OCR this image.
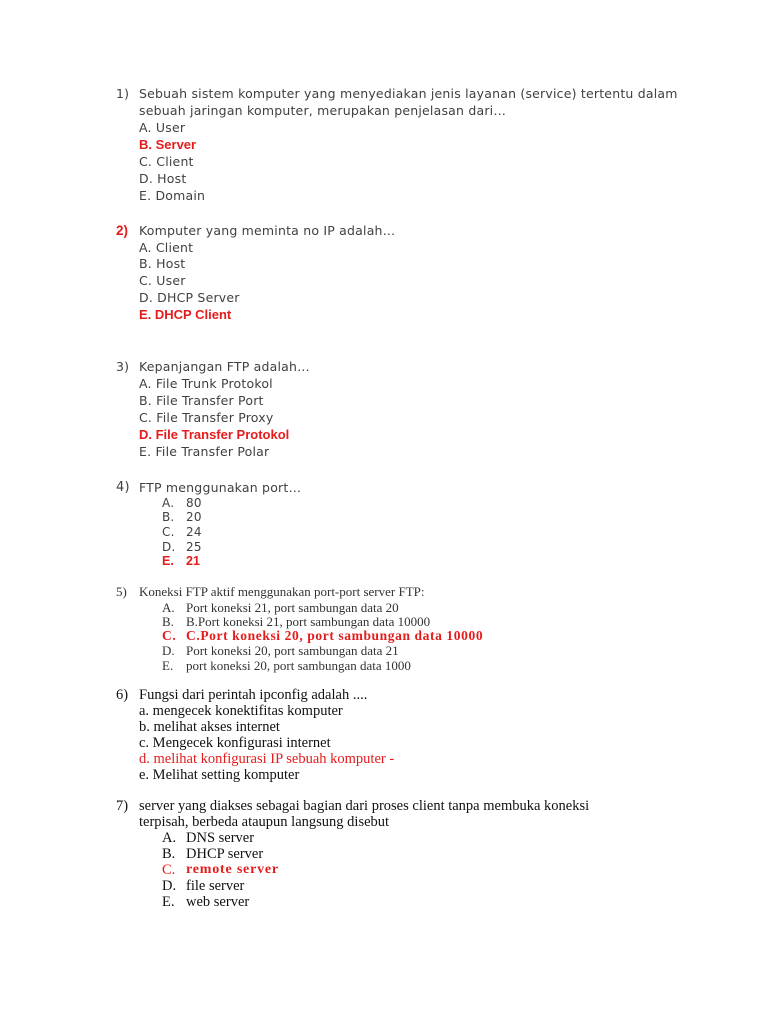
1) Sebuah sistem komputer yang menyediakan jenis layanan (service) tertentu dalam
sebuah jaringan komputer, merupakan penjelasan dari…
A. User
B. Server
C. Client
D. Host
E. Domain
2) Komputer yang meminta no IP adalah…
A. Client
B. Host
C. User
D. DHCP Server
E. DHCP Client
3) Kepanjangan FTP adalah…
A. File Trunk Protokol
B. File Transfer Port
C. File Transfer Proxy
D. File Transfer Protokol
E. File Transfer Polar
4) FTP menggunakan port…
A. 80
B. 20
C. 24
D. 25
E. 21
5) Koneksi FTP aktif menggunakan port-port server FTP:
A. Port koneksi 21, port sambungan data 20
B. B.Port koneksi 21, port sambungan data 10000
C. C.Port koneksi 20, port sambungan data 10000
D. Port koneksi 20, port sambungan data 21
E. port koneksi 20, port sambungan data 1000
6) Fungsi dari perintah ipconfig adalah ....
a. mengecek konektifitas komputer
b. melihat akses internet
c. Mengecek konfigurasi internet
d. melihat konfigurasi IP sebuah komputer -
e. Melihat setting komputer
7) server yang diakses sebagai bagian dari proses client tanpa membuka koneksi
terpisah, berbeda ataupun langsung disebut
A. DNS server
B. DHCP server
C. remote server
D. file server
E. web server
